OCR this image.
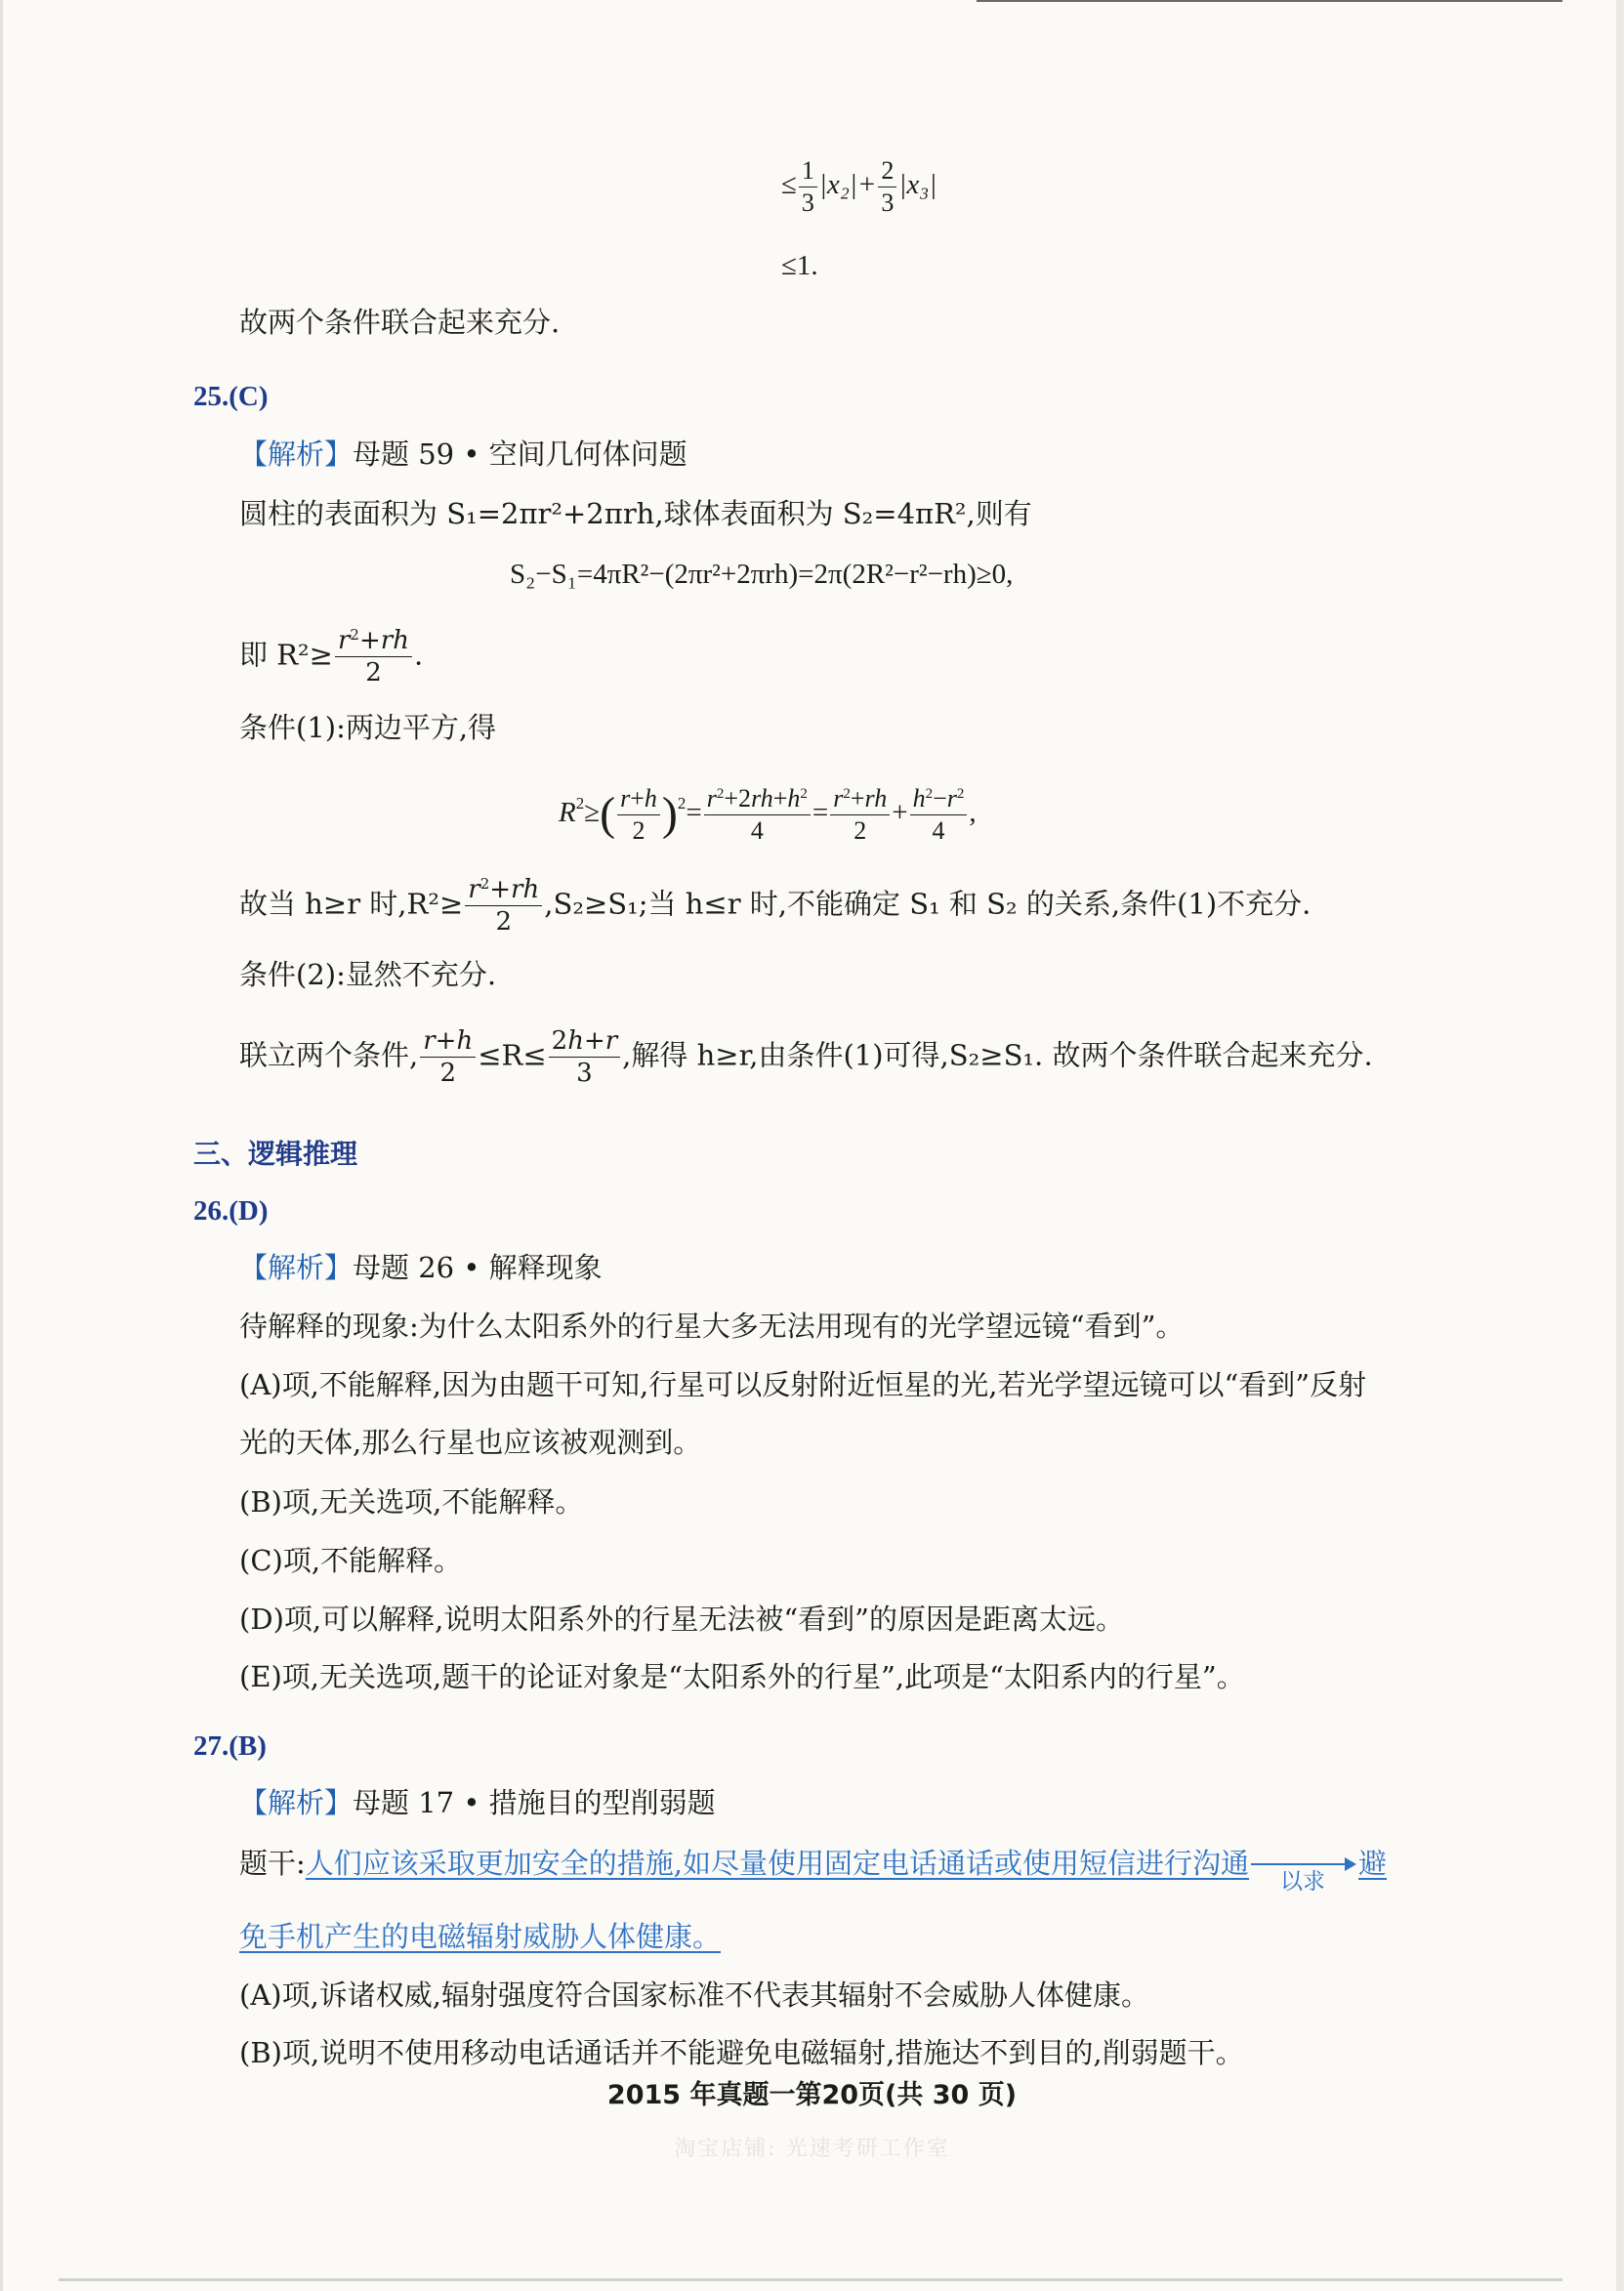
≤ $\frac{1}{3} |x_2|+ \frac{2}{3} |x_3|$
≤1.
故两个条件联合起来充分.
25.(C)
【解析】母题 59 • 空间几何体问题
圆柱的表面积为 S₁=2πr²+2πrh,球体表面积为 S₂=4πR²,则有
S₂−S₁=4πR²−(2πr²+2πrh)=2π(2R²−r²−rh)≥0,
即 $R^2\ge \frac{r^2+rh}{2}$ .
条件(1):两边平方,得
$R^2\ge( \frac{r+h}{2} )^2= \frac{r^2+2rh+h^2}{4} = \frac{r^2+rh}{2} + \frac{h^2-r^2}{4}$ ,
故当 h≥r 时$,R^2\ge \frac{r^2+rh}{2} ,S_2\ge S_1$;当 h≤r 时,不能确定 S₁ 和 S₂ 的关系,条件(1)不充分.
条件(2):显然不充分.
联立两个条件, $\frac{r+h}{2} \le R\le \frac{2h+r}{3}$ ,解得 h≥r,由条件(1)可得,S₂≥S₁. 故两个条件联合起来充分.
三、逻辑推理
26.(D)
【解析】母题 26 • 解释现象
待解释的现象:为什么太阳系外的行星大多无法用现有的光学望远镜“看到”。
(A)项,不能解释,因为由题干可知,行星可以反射附近恒星的光,若光学望远镜可以“看到”反射
光的天体,那么行星也应该被观测到。
(B)项,无关选项,不能解释。
(C)项,不能解释。
(D)项,可以解释,说明太阳系外的行星无法被“看到”的原因是距离太远。
(E)项,无关选项,题干的论证对象是“太阳系外的行星”,此项是“太阳系内的行星”。
27.(B)
【解析】母题 17 • 措施目的型削弱题
题干:人们应该采取更加安全的措施,如尽量使用固定电话通话或使用短信进行沟通
以求
避
免手机产生的电磁辐射威胁人体健康。
(A)项,诉诸权威,辐射强度符合国家标准不代表其辐射不会威胁人体健康。
(B)项,说明不使用移动电话通话并不能避免电磁辐射,措施达不到目的,削弱题干。
2015 年真题一第20页(共 30 页)
淘宝店铺: 光速考研工作室
